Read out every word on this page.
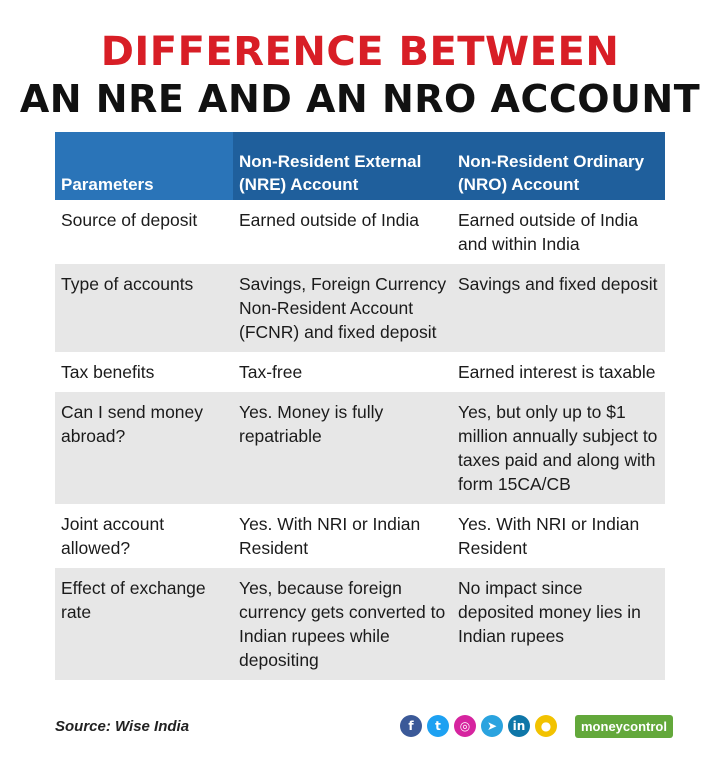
DIFFERENCE BETWEEN
AN NRE AND AN NRO ACCOUNT
Parameters	Non-Resident External (NRE) Account	Non-Resident Ordinary (NRO) Account
Source of deposit	Earned outside of India	Earned outside of India and within India
Type of accounts	Savings, Foreign Currency Non-Resident Account (FCNR) and fixed deposit	Savings and fixed deposit
Tax benefits	Tax-free	Earned interest is taxable
Can I send money abroad?	Yes. Money is fully repatriable	Yes, but only up to $1 million annually subject to taxes paid and along with form 15CA/CB
Joint account allowed?	Yes. With NRI or Indian Resident	Yes. With NRI or Indian Resident
Effect of exchange rate	Yes, because foreign currency gets converted to Indian rupees while depositing	No impact since deposited money lies in Indian rupees
Source: Wise India	f	t	◎	➤	in	●	moneycontrol
